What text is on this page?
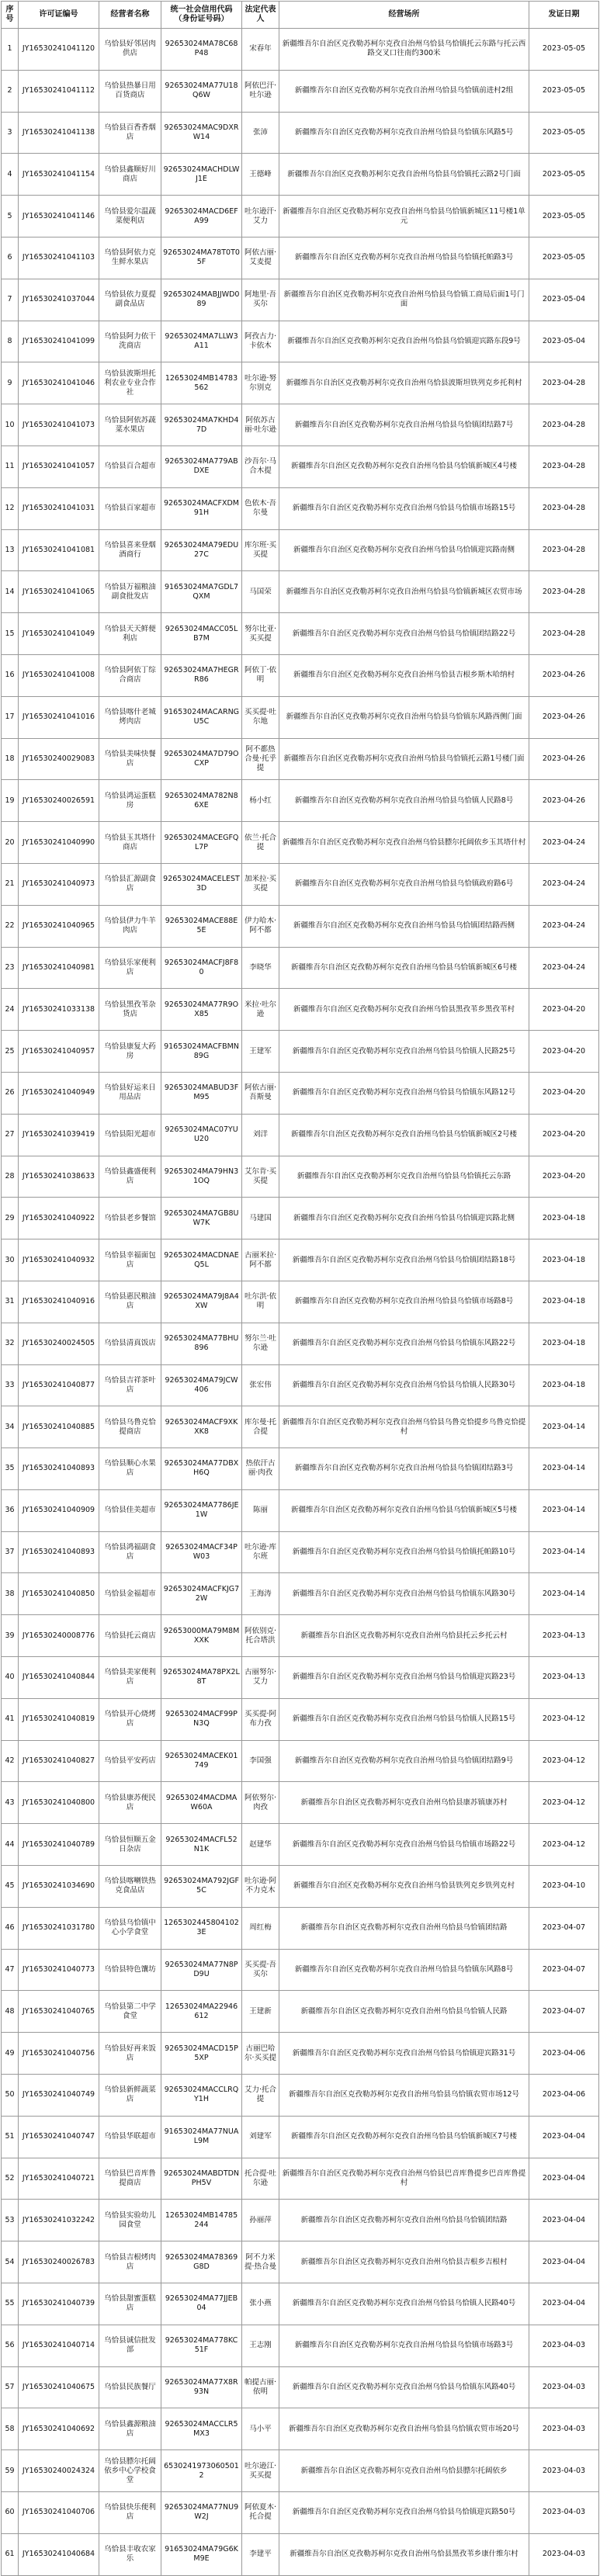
序号	许可证编号	经营者名称	统一社会信用代码（身份证号码）	法定代表人	经营场所	发证日期

1	JY16530241041120	乌恰县好邻居肉供店	92653024MA78C68P48	宋春年	新疆维吾尔自治区克孜勒苏柯尔克孜自治州乌恰县乌恰镇托云东路与托云西路交叉口往南约300米	2023-05-05

2	JY16530241041112	乌恰县热暴日用百货商店	92653024MA77U18Q6W	阿依巴汗·吐尔逊	新疆维吾尔自治区克孜勒苏柯尔克孜自治州乌恰县乌恰镇前进村2组	2023-05-05

3	JY16530241041138	乌恰县百香香烟店	92653024MAC9DXRW14	张沛	新疆维吾尔自治区克孜勒苏柯尔克孜自治州乌恰县乌恰镇东风路5号	2023-05-05

4	JY16530241041154	乌恰县鑫顺好川商店	92653024MACHDLWJ1E	王德峰	新疆维吾尔自治区克孜勒苏柯尔克孜自治州乌恰县乌恰镇托云路2号门面	2023-05-05

5	JY16530241041146	乌恰县爱尔温蔬菜便利店	92653024MACD6EFA99	吐尔逊汗·艾力	新疆维吾尔自治区克孜勒苏柯尔克孜自治州乌恰县乌恰镇新城区11号楼1单元	2023-05-05

6	JY16530241041103	乌恰县阿依力克生鲜水果店	92653024MA78T0T05F	阿依古丽·艾麦提	新疆维吾尔自治区克孜勒苏柯尔克孜自治州乌恰县乌恰镇托帕路3号	2023-05-05

7	JY16530241037044	乌恰县依力夏提副食品店	92653024MABJJWD089	阿地里·吾买尔	新疆维吾尔自治区克孜勒苏柯尔克孜自治州乌恰县乌恰镇工商局后面1号门面	2023-05-04

8	JY16530241041099	乌恰县阿力依干洗商店	92653024MA7LLW3A11	阿孜古力·卡依木	新疆维吾尔自治区克孜勒苏柯尔克孜自治州乌恰县乌恰镇迎宾路东段9号	2023-05-04

9	JY16530241041046	乌恰县波斯坦托利农业专业合作社	12653024MB14783562	吐尔逊·努尔别克	新疆维吾尔自治区克孜勒苏柯尔克孜自治州乌恰县波斯坦铁列克乡托利村	2023-04-28

10	JY16530241041073	乌恰县阿依苏蔬菜水果店	92653024MA7KHD47D	阿依苏古丽·吐尔逊	新疆维吾尔自治区克孜勒苏柯尔克孜自治州乌恰县乌恰镇团结路7号	2023-04-28

11	JY16530241041057	乌恰县百合超市	92653024MA779ABDXE	沙吾尔·马合木提	新疆维吾尔自治区克孜勒苏柯尔克孜自治州乌恰县乌恰镇新城区4号楼	2023-04-28

12	JY16530241041031	乌恰县百家超市	92653024MACFXDM91H	色依木·吾尔曼	新疆维吾尔自治区克孜勒苏柯尔克孜自治州乌恰县乌恰镇市场路15号	2023-04-28

13	JY16530241041081	乌恰县喜来登烟酒商行	92653024MA79EDU27C	库尔班·买买提	新疆维吾尔自治区克孜勒苏柯尔克孜自治州乌恰县乌恰镇迎宾路南侧	2023-04-28

14	JY16530241041065	乌恰县万福粮油副食批发店	91653024MA7GDL7QXM	马国荣	新疆维吾尔自治区克孜勒苏柯尔克孜自治州乌恰县乌恰镇新城区农贸市场	2023-04-28

15	JY16530241041049	乌恰县天天鲜便利店	92653024MACC05LB7M	努尔比亚·买买提	新疆维吾尔自治区克孜勒苏柯尔克孜自治州乌恰县乌恰镇团结路22号	2023-04-28

16	JY16530241041008	乌恰县阿依丁综合商店	92653024MA7HEGRR86	阿依丁·依明	新疆维吾尔自治区克孜勒苏柯尔克孜自治州乌恰县吉根乡斯木哈纳村	2023-04-26

17	JY16530241041016	乌恰县喀什老城烤肉店	91653024MACARNGU5C	买买提·吐尔地	新疆维吾尔自治区克孜勒苏柯尔克孜自治州乌恰县乌恰镇东风路西侧门面	2023-04-26

18	JY16530240029083	乌恰县美味快餐店	92653024MA7D79OCXP	阿不都热合曼·托乎提	新疆维吾尔自治区克孜勒苏柯尔克孜自治州乌恰县乌恰镇托云路1号楼门面	2023-04-26

19	JY16530240026591	乌恰县鸿运蛋糕房	92653024MA782N86XE	杨小红	新疆维吾尔自治区克孜勒苏柯尔克孜自治州乌恰县乌恰镇人民路8号	2023-04-26

20	JY16530241040990	乌恰县玉其塔什商店	92653024MACEGFQL7P	依兰·托合提	新疆维吾尔自治区克孜勒苏柯尔克孜自治州乌恰县膘尔托阔依乡玉其塔什村	2023-04-24

21	JY16530241040973	乌恰县汇源副食店	92653024MACELEST3D	加米拉·买买提	新疆维吾尔自治区克孜勒苏柯尔克孜自治州乌恰县乌恰镇政府路6号	2023-04-24

22	JY16530241040965	乌恰县伊力牛羊肉店	92653024MACE88E5E	伊力哈木·阿不都	新疆维吾尔自治区克孜勒苏柯尔克孜自治州乌恰县乌恰镇团结路西侧	2023-04-24

23	JY16530241040981	乌恰县乐家便利店	92653024MACFJ8F80	李晓华	新疆维吾尔自治区克孜勒苏柯尔克孜自治州乌恰县乌恰镇新城区6号楼	2023-04-24

24	JY16530241033138	乌恰县黑孜苇杂货店	92653024MA77R9OX85	米拉·吐尔逊	新疆维吾尔自治区克孜勒苏柯尔克孜自治州乌恰县黑孜苇乡黑孜苇村	2023-04-20

25	JY16530241040957	乌恰县康复大药房	91653024MACFBMN89G	王建军	新疆维吾尔自治区克孜勒苏柯尔克孜自治州乌恰县乌恰镇人民路25号	2023-04-20

26	JY16530241040949	乌恰县好运来日用品店	92653024MABUD3FM95	阿依古丽·吾斯曼	新疆维吾尔自治区克孜勒苏柯尔克孜自治州乌恰县乌恰镇东风路12号	2023-04-20

27	JY16530241039419	乌恰县阳光超市	92653024MAC07YUU20	刘洋	新疆维吾尔自治区克孜勒苏柯尔克孜自治州乌恰县乌恰镇新城区2号楼	2023-04-20

28	JY16530241038633	乌恰县鑫盛便利店	92653024MA79HN31OQ	艾尔肯·买买提	新疆维吾尔自治区克孜勒苏柯尔克孜自治州乌恰县乌恰镇托云东路	2023-04-20

29	JY16530241040922	乌恰县老乡餐馆	92653024MA7GB8UW7K	马建国	新疆维吾尔自治区克孜勒苏柯尔克孜自治州乌恰县乌恰镇迎宾路北侧	2023-04-18

30	JY16530241040932	乌恰县幸福面包店	92653024MACDNAEQ5L	古丽米拉·阿不都	新疆维吾尔自治区克孜勒苏柯尔克孜自治州乌恰县乌恰镇团结路18号	2023-04-18

31	JY16530241040916	乌恰县惠民粮油店	92653024MA79J8A4XW	吐尔洪·依明	新疆维吾尔自治区克孜勒苏柯尔克孜自治州乌恰县乌恰镇市场路8号	2023-04-18

32	JY16530240024505	乌恰县清真饭店	92653024MA77BHU896	努尔兰·吐尔逊	新疆维吾尔自治区克孜勒苏柯尔克孜自治州乌恰县乌恰镇东风路22号	2023-04-18

33	JY16530241040877	乌恰县吉祥茶叶店	92653024MA79JCW406	张宏伟	新疆维吾尔自治区克孜勒苏柯尔克孜自治州乌恰县乌恰镇人民路30号	2023-04-18

34	JY16530241040885	乌恰县乌鲁克恰提商店	92653024MACF9XKXK8	库尔曼·托合提	新疆维吾尔自治区克孜勒苏柯尔克孜自治州乌恰县乌鲁克恰提乡乌鲁克恰提村	2023-04-14

35	JY16530241040893	乌恰县顺心水果店	92653024MA77DBXH6Q	热依汗古丽·肉孜	新疆维吾尔自治区克孜勒苏柯尔克孜自治州乌恰县乌恰镇团结路3号	2023-04-14

36	JY16530241040909	乌恰县佳美超市	92653024MA7786JE1W	陈丽	新疆维吾尔自治区克孜勒苏柯尔克孜自治州乌恰县乌恰镇新城区5号楼	2023-04-14

37	JY16530241040893	乌恰县鸿福副食店	92653024MACF34PW03	吐尔逊·库尔班	新疆维吾尔自治区克孜勒苏柯尔克孜自治州乌恰县乌恰镇托帕路10号	2023-04-14

38	JY16530241040850	乌恰县金福超市	92653024MACFKJG72W	王海涛	新疆维吾尔自治区克孜勒苏柯尔克孜自治州乌恰县乌恰镇东风路30号	2023-04-14

39	JY16530240008776	乌恰县托云商店	92653000MA79M8MXXK	阿依别克·托合塔洪	新疆维吾尔自治区克孜勒苏柯尔克孜自治州乌恰县托云乡托云村	2023-04-13

40	JY16530241040844	乌恰县美家便利店	92653024MA78PX2L8T	古丽努尔·艾力	新疆维吾尔自治区克孜勒苏柯尔克孜自治州乌恰县乌恰镇迎宾路23号	2023-04-13

41	JY16530241040819	乌恰县开心烧烤店	92653024MACF99PN3Q	买买提·阿布力孜	新疆维吾尔自治区克孜勒苏柯尔克孜自治州乌恰县乌恰镇人民路15号	2023-04-12

42	JY16530241040827	乌恰县平安药店	92653024MACEK01749	李国强	新疆维吾尔自治区克孜勒苏柯尔克孜自治州乌恰县乌恰镇团结路9号	2023-04-12

43	JY16530241040800	乌恰县康苏便民店	92653024MACDMAW60A	阿依努尔·肉孜	新疆维吾尔自治区克孜勒苏柯尔克孜自治州乌恰县康苏镇康苏村	2023-04-12

44	JY16530241040789	乌恰县恒顺五金日杂店	92653024MACFL52N1K	赵建华	新疆维吾尔自治区克孜勒苏柯尔克孜自治州乌恰县乌恰镇市场路22号	2023-04-12

45	JY16530241034690	乌恰县喀喇铁热克食品店	92653024MA792JGF5C	吐尔逊·阿不力克木	新疆维吾尔自治区克孜勒苏柯尔克孜自治州乌恰县铁列克乡铁列克村	2023-04-10

46	JY16530241031780	乌恰县乌恰镇中心小学食堂	12653024458041023E	周红梅	新疆维吾尔自治区克孜勒苏柯尔克孜自治州乌恰县乌恰镇团结路	2023-04-07

47	JY16530241040773	乌恰县特色馕坊	92653024MA77N8PD9U	买买提·吾买尔	新疆维吾尔自治区克孜勒苏柯尔克孜自治州乌恰县乌恰镇东风路8号	2023-04-07

48	JY16530241040765	乌恰县第二中学食堂	12653024MA22946612	王建新	新疆维吾尔自治区克孜勒苏柯尔克孜自治州乌恰县乌恰镇人民路	2023-04-07

49	JY16530241040756	乌恰县好再来饭店	92653024MACD15P5XP	古丽巴哈尔·买买提	新疆维吾尔自治区克孜勒苏柯尔克孜自治州乌恰县乌恰镇迎宾路31号	2023-04-06

50	JY16530241040749	乌恰县新鲜蔬菜店	92653024MACCLRQY1H	艾力·托合提	新疆维吾尔自治区克孜勒苏柯尔克孜自治州乌恰县乌恰镇农贸市场12号	2023-04-06

51	JY16530241040747	乌恰县华联超市	91653024MA77NUAL9M	刘建军	新疆维吾尔自治区克孜勒苏柯尔克孜自治州乌恰县乌恰镇新城区7号楼	2023-04-04

52	JY16530241040721	乌恰县巴音库鲁提商店	92653024MABDTDNPH5V	托合提·吐尔逊	新疆维吾尔自治区克孜勒苏柯尔克孜自治州乌恰县巴音库鲁提乡巴音库鲁提村	2023-04-04

53	JY16530241032242	乌恰县实验幼儿园食堂	12653024MB14785244	孙丽萍	新疆维吾尔自治区克孜勒苏柯尔克孜自治州乌恰县乌恰镇团结路	2023-04-04

54	JY16530240026783	乌恰县吉根烤肉店	92653024MA78369G8D	阿不力米提·热合曼	新疆维吾尔自治区克孜勒苏柯尔克孜自治州乌恰县吉根乡吉根村	2023-04-04

55	JY16530241040739	乌恰县甜蜜蛋糕店	92653024MA77JJEB04	张小燕	新疆维吾尔自治区克孜勒苏柯尔克孜自治州乌恰县乌恰镇人民路40号	2023-04-04

56	JY16530241040714	乌恰县诚信批发部	92653024MA778KC51F	王志刚	新疆维吾尔自治区克孜勒苏柯尔克孜自治州乌恰县乌恰镇市场路3号	2023-04-03

57	JY16530241040675	乌恰县民族餐厅	92653024MA77X8R93N	帕提古丽·依明	新疆维吾尔自治区克孜勒苏柯尔克孜自治州乌恰县乌恰镇东风路40号	2023-04-03

58	JY16530241040692	乌恰县鑫源粮油店	92653024MACCLR5MX3	马小平	新疆维吾尔自治区克孜勒苏柯尔克孜自治州乌恰县乌恰镇农贸市场20号	2023-04-03

59	JY16530240024324	乌恰县膘尔托阔依乡中心学校食堂	65302419730605012	吐尔逊江·买买提	新疆维吾尔自治区克孜勒苏柯尔克孜自治州乌恰县膘尔托阔依乡	2023-04-03

60	JY16530241040706	乌恰县快乐便利店	92653024MA77NU9W2J	阿依夏木·托合提	新疆维吾尔自治区克孜勒苏柯尔克孜自治州乌恰县乌恰镇迎宾路50号	2023-04-03

61	JY16530241040684	乌恰县丰收农家乐	91653024MA79G6KM9E	李建平	新疆维吾尔自治区克孜勒苏柯尔克孜自治州乌恰县黑孜苇乡康什维尔村	2023-04-03
